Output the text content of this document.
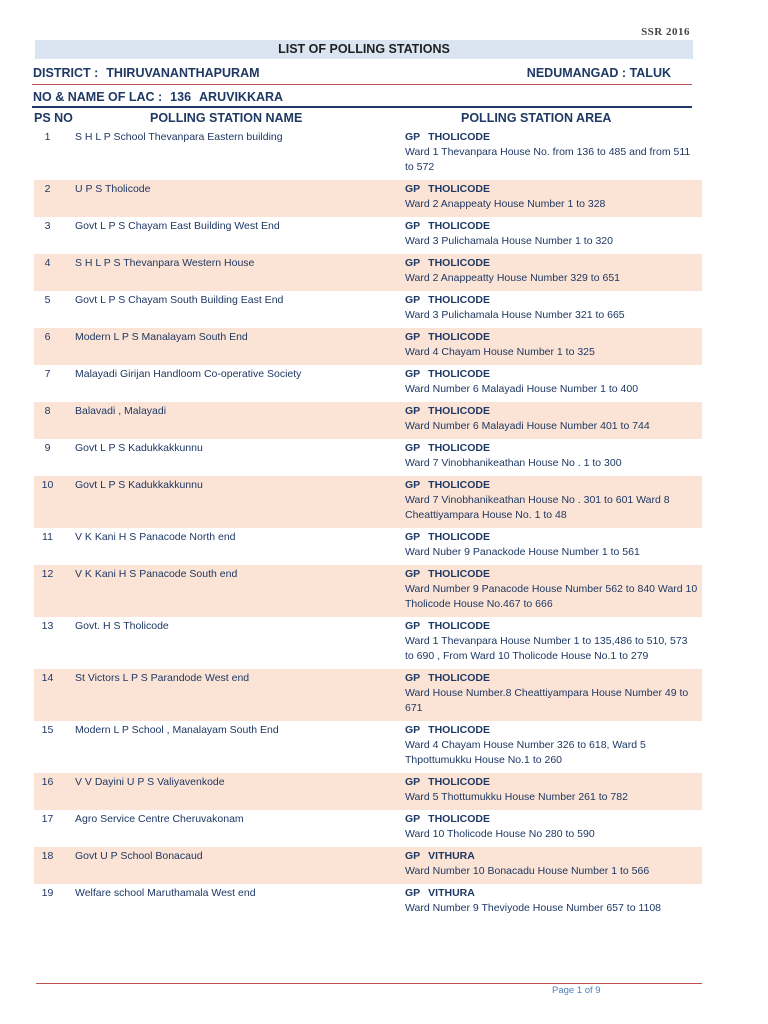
SSR 2016
LIST OF POLLING STATIONS
DISTRICT : THIRUVANANTHAPURAM	NEDUMANGAD : TALUK
NO & NAME OF LAC : 136 ARUVIKKARA
PS NO	POLLING STATION NAME	POLLING STATION AREA
1	S H L P School Thevanpara Eastern building	GP THOLICODE
Ward 1 Thevanpara House No. from 136 to 485 and from 511 to 572

2	U P S Tholicode	GP THOLICODE
Ward 2 Anappeaty House Number 1 to 328

3	Govt L P S Chayam East Building West End	GP THOLICODE
Ward 3 Pulichamala House Number 1 to 320

4	S H L P S Thevanpara Western House	GP THOLICODE
Ward 2 Anappeatty House Number 329 to 651

5	Govt L P S Chayam South Building East End	GP THOLICODE
Ward 3 Pulichamala House Number 321 to 665

6	Modern L P S Manalayam South End	GP THOLICODE
Ward 4 Chayam House Number 1 to 325

7	Malayadi Girijan Handloom Co-operative Society	GP THOLICODE
Ward Number 6 Malayadi House Number 1 to 400

8	Balavadi , Malayadi	GP THOLICODE
Ward Number 6 Malayadi House Number 401 to 744

9	Govt L P S Kadukkakkunnu	GP THOLICODE
Ward 7 Vinobhanikeathan House No . 1 to 300

10	Govt L P S Kadukkakkunnu	GP THOLICODE
Ward 7 Vinobhanikeathan House No . 301 to 601 Ward 8 Cheattiyampara House No. 1 to 48

11	V K Kani H S Panacode North end	GP THOLICODE
Ward Nuber 9 Panackode House Number 1 to 561

12	V K Kani H S Panacode South end	GP THOLICODE
Ward Number 9 Panacode House Number 562 to 840 Ward 10 Tholicode House No.467 to 666

13	Govt. H S Tholicode	GP THOLICODE
Ward 1 Thevanpara House Number 1 to 135,486 to 510, 573 to 690 , From Ward 10 Tholicode House No.1 to 279

14	St Victors L P S Parandode West end	GP THOLICODE
Ward House Number.8 Cheattiyampara House Number 49 to 671

15	Modern L P School , Manalayam South End	GP THOLICODE
Ward 4 Chayam House Number 326 to 618, Ward 5 Thpottumukku House No.1 to 260

16	V V Dayini U P S Valiyavenkode	GP THOLICODE
Ward 5 Thottumukku House Number 261 to 782

17	Agro Service Centre Cheruvakonam	GP THOLICODE
Ward 10 Tholicode House No 280 to 590

18	Govt U P School Bonacaud	GP VITHURA
Ward Number 10 Bonacadu House Number 1 to 566

19	Welfare school Maruthamala West end	GP VITHURA
Ward Number 9 Theviyode House Number 657 to 1108
Page 1 of 9
